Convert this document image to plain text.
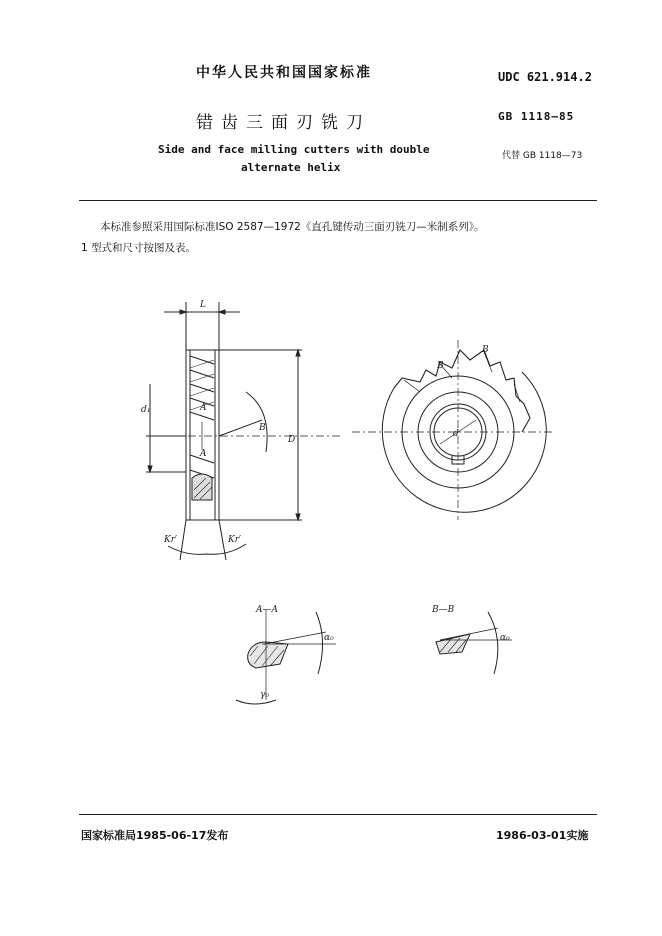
中华人民共和国国家标准	UDC 621.914.2
错齿三面刃铣刀	GB 1118—85
Side and face milling cutters with double
alternate helix
代替 GB 1118—73
本标准参照采用国际标准ISO 2587—1972《直孔键传动三面刃铣刀—米制系列》。
1 型式和尺寸按图及表。
L
d₁
D
A
A
B
Kr′	Kr′
B
B
d
A—A
α₀
γ₀
B—B
α₀
国家标准局1985-06-17发布	1986-03-01实施
